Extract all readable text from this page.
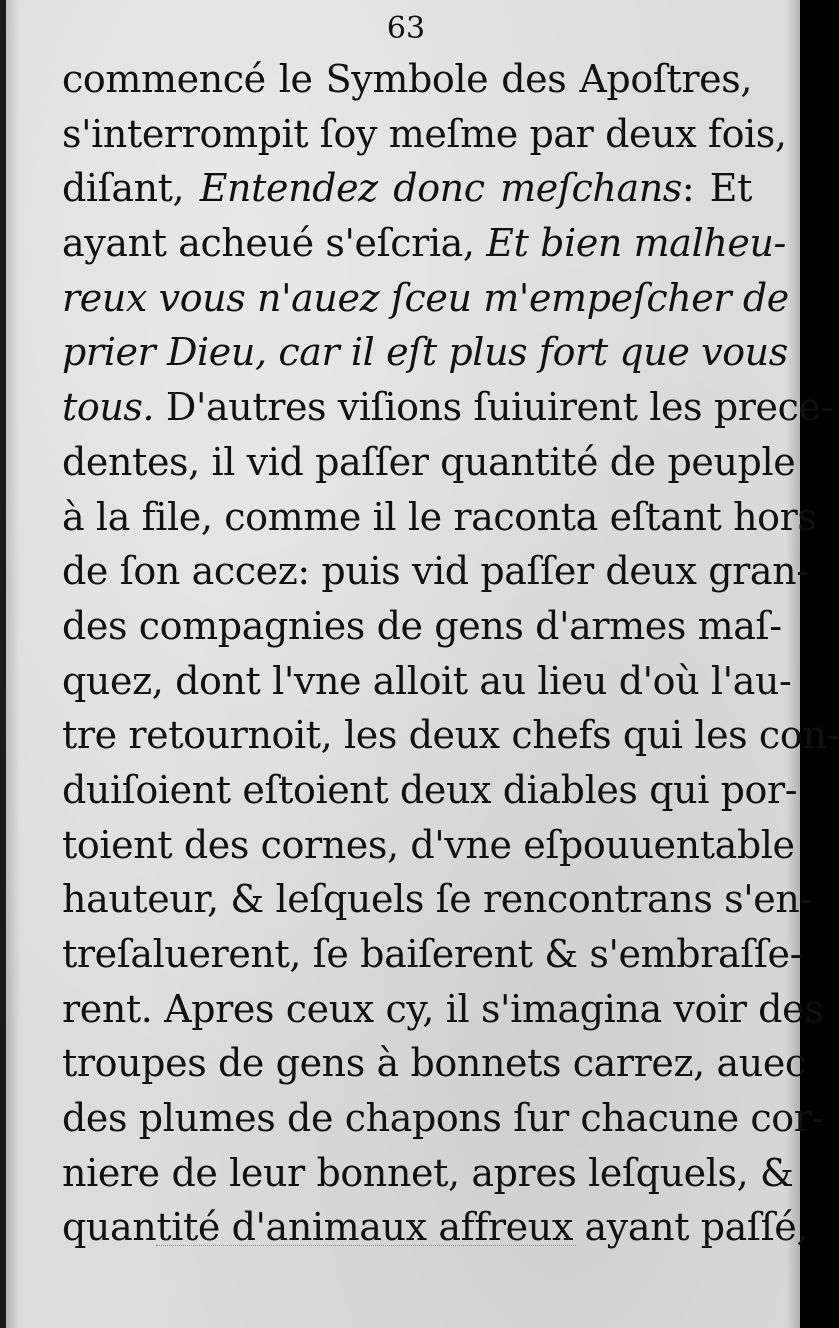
63
commencé le Symbole des Apoſtres,
s'interrompit ſoy meſme par deux fois,
diſant, Entendez donc meſchans: Et
ayant acheué s'eſcria, Et bien malheu-
reux vous n'auez ſceu m'empeſcher de
prier Dieu, car il eſt plus fort que vous
tous. D'autres viſions ſuiuirent les prece-
dentes, il vid paſſer quantité de peuple
à la file, comme il le raconta eſtant hors
de ſon accez: puis vid paſſer deux gran-
des compagnies de gens d'armes maſ-
quez, dont l'vne alloit au lieu d'où l'au-
tre retournoit, les deux chefs qui les con-
duiſoient eſtoient deux diables qui por-
toient des cornes, d'vne eſpouuentable
hauteur, & leſquels ſe rencontrans s'en-
treſaluerent, ſe baiſerent & s'embraſſe-
rent. Apres ceux cy, il s'imagina voir des
troupes de gens à bonnets carrez, auec
des plumes de chapons ſur chacune cor-
niere de leur bonnet, apres leſquels, &
quantité d'animaux affreux ayant paſſé,
